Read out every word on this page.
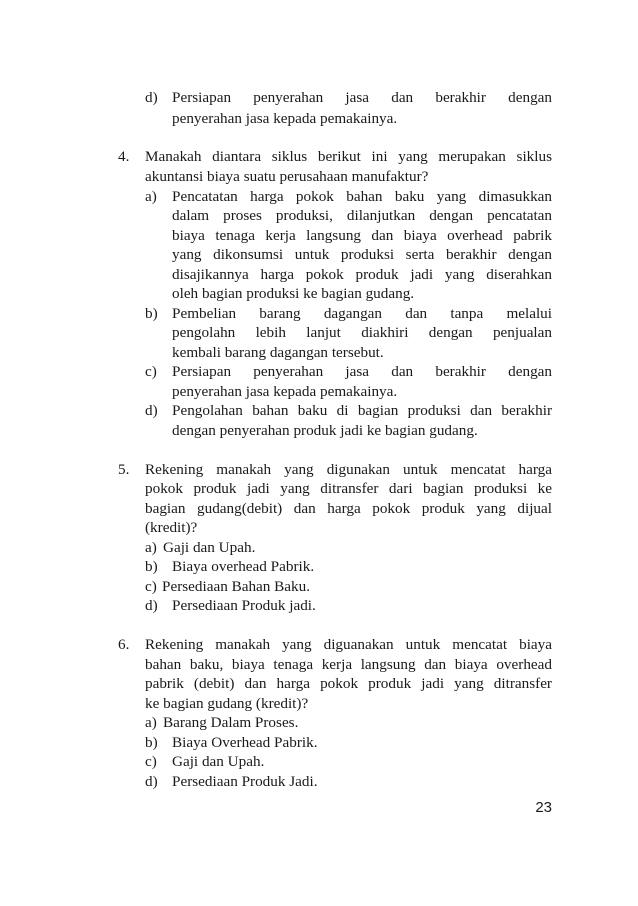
d) Persiapan penyerahan jasa dan berakhir dengan
penyerahan jasa kepada pemakainya.
4. Manakah diantara siklus berikut ini yang merupakan siklus
akuntansi biaya suatu perusahaan manufaktur?
a) Pencatatan harga pokok bahan baku yang dimasukkan
dalam proses produksi, dilanjutkan dengan pencatatan
biaya tenaga kerja langsung dan biaya overhead pabrik
yang dikonsumsi untuk produksi serta berakhir dengan
disajikannya harga pokok produk jadi yang diserahkan
oleh bagian produksi ke bagian gudang.
b) Pembelian barang dagangan dan tanpa melalui
pengolahn lebih lanjut diakhiri dengan penjualan
kembali barang dagangan tersebut.
c) Persiapan penyerahan jasa dan berakhir dengan
penyerahan jasa kepada pemakainya.
d) Pengolahan bahan baku di bagian produksi dan berakhir
dengan penyerahan produk jadi ke bagian gudang.
5. Rekening manakah yang digunakan untuk mencatat harga
pokok produk jadi yang ditransfer dari bagian produksi ke
bagian gudang(debit) dan harga pokok produk yang dijual
(kredit)?
a) Gaji dan Upah.
b) Biaya overhead Pabrik.
c) Persediaan Bahan Baku.
d) Persediaan Produk jadi.
6. Rekening manakah yang diguanakan untuk mencatat biaya
bahan baku, biaya tenaga kerja langsung dan biaya overhead
pabrik (debit) dan harga pokok produk jadi yang ditransfer
ke bagian gudang (kredit)?
a) Barang Dalam Proses.
b) Biaya Overhead Pabrik.
c) Gaji dan Upah.
d) Persediaan Produk Jadi.
23
